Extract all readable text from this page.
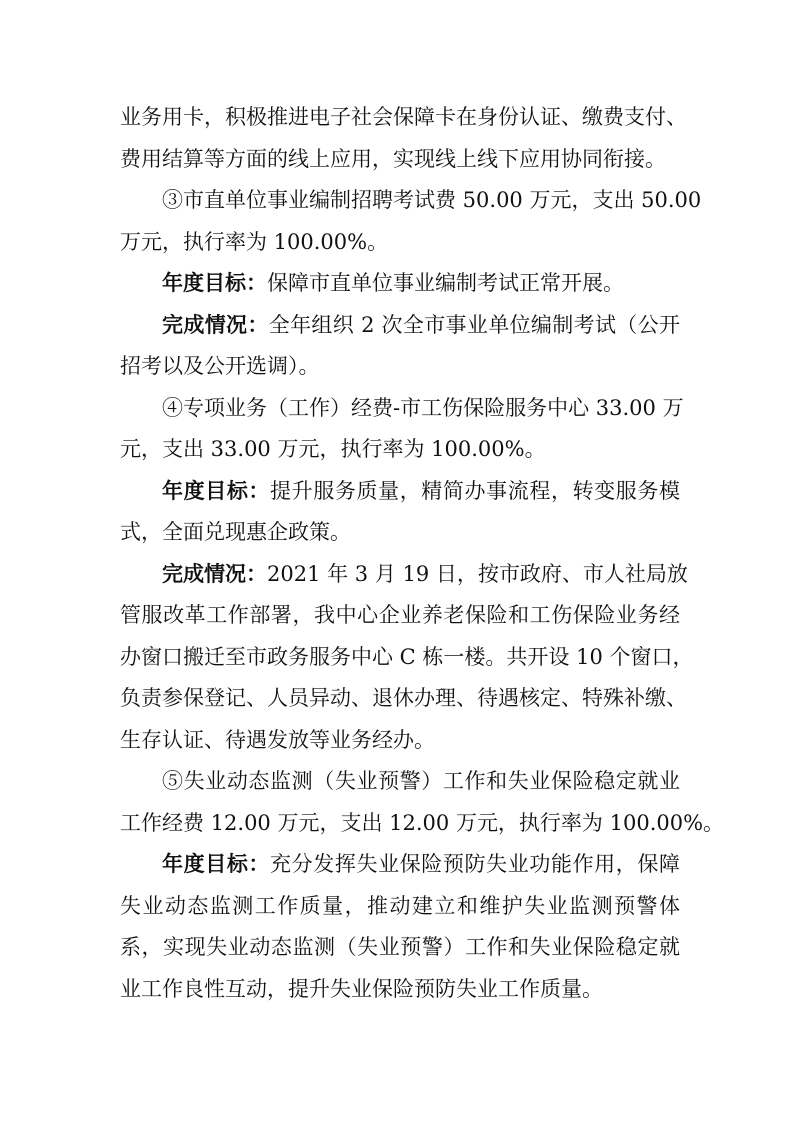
业务用卡，积极推进电子社会保障卡在身份认证、缴费支付、
费用结算等方面的线上应用，实现线上线下应用协同衔接。
③市直单位事业编制招聘考试费 50.00 万元，支出 50.00
万元，执行率为 100.00%。
年度目标：保障市直单位事业编制考试正常开展。
完成情况：全年组织 2 次全市事业单位编制考试（公开
招考以及公开选调）。
④专项业务（工作）经费-市工伤保险服务中心 33.00 万
元，支出 33.00 万元，执行率为 100.00%。
年度目标：提升服务质量，精简办事流程，转变服务模
式，全面兑现惠企政策。
完成情况：2021 年 3 月 19 日，按市政府、市人社局放
管服改革工作部署，我中心企业养老保险和工伤保险业务经
办窗口搬迁至市政务服务中心 C 栋一楼。共开设 10 个窗口，
负责参保登记、人员异动、退休办理、待遇核定、特殊补缴、
生存认证、待遇发放等业务经办。
⑤失业动态监测（失业预警）工作和失业保险稳定就业
工作经费 12.00 万元，支出 12.00 万元，执行率为 100.00%。
年度目标：充分发挥失业保险预防失业功能作用，保障
失业动态监测工作质量，推动建立和维护失业监测预警体
系，实现失业动态监测（失业预警）工作和失业保险稳定就
业工作良性互动，提升失业保险预防失业工作质量。
